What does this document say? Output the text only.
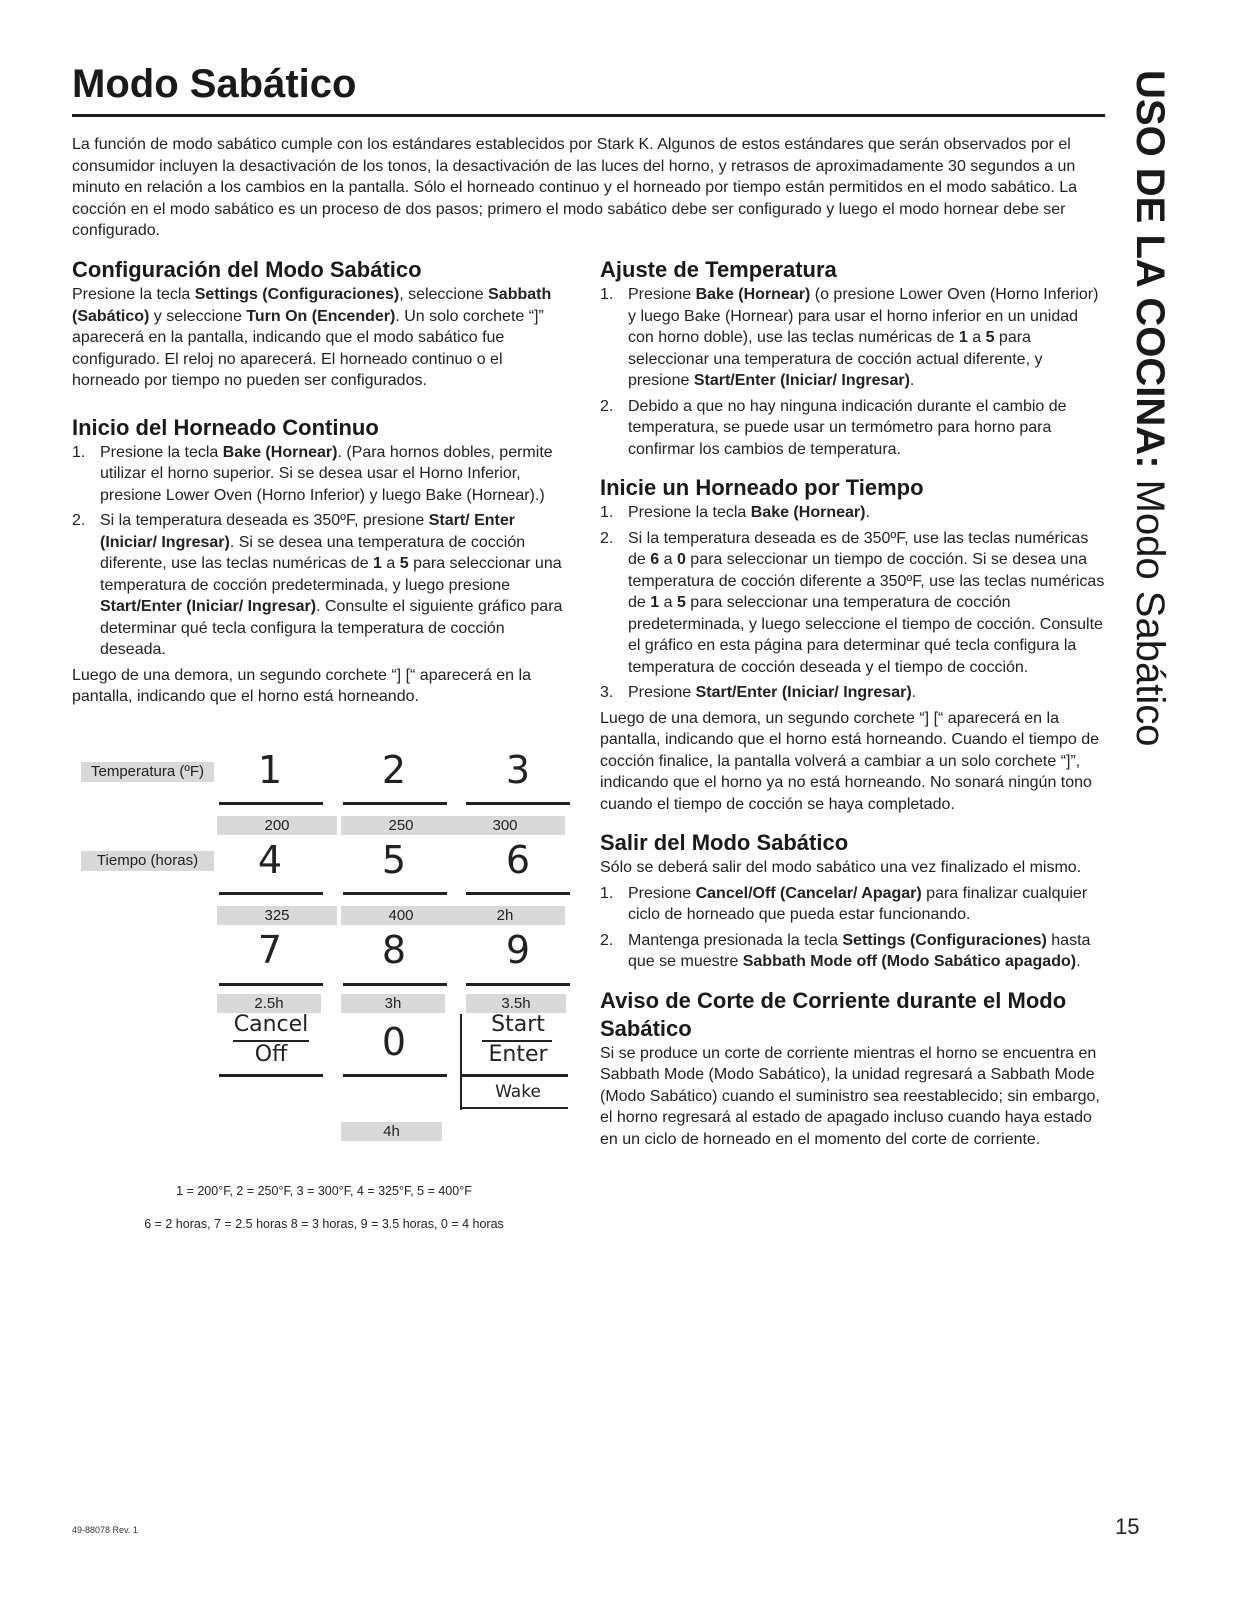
Modo Sabático

La función de modo sabático cumple con los estándares establecidos por Stark K. Algunos de estos estándares que serán observados por el consumidor incluyen la desactivación de los tonos, la desactivación de las luces del horno, y retrasos de aproximadamente 30 segundos a un minuto en relación a los cambios en la pantalla. Sólo el horneado continuo y el horneado por tiempo están permitidos en el modo sabático. La cocción en el modo sabático es un proceso de dos pasos; primero el modo sabático debe ser configurado y luego el modo hornear debe ser configurado.

Configuración del Modo Sabático

Presione la tecla Settings (Configuraciones), seleccione Sabbath (Sabático) y seleccione Turn On (Encender). Un solo corchete “]” aparecerá en la pantalla, indicando que el modo sabático fue configurado. El reloj no aparecerá. El horneado continuo o el horneado por tiempo no pueden ser configurados.

Inicio del Horneado Continuo
1. Presione la tecla Bake (Hornear). (Para hornos dobles, permite utilizar el horno superior. Si se desea usar el Horno Inferior, presione Lower Oven (Horno Inferior) y luego Bake (Hornear).)
2. Si la temperatura deseada es 350ºF, presione Start/ Enter (Iniciar/ Ingresar). Si se desea una temperatura de cocción diferente, use las teclas numéricas de 1 a 5 para seleccionar una temperatura de cocción predeterminada, y luego presione Start/Enter (Iniciar/ Ingresar). Consulte el siguiente gráfico para determinar qué tecla configura la temperatura de cocción deseada.

Luego de una demora, un segundo corchete “] [“ aparecerá en la pantalla, indicando que el horno está horneando.

Temperatura (ºF)
Tiempo (horas)
1	2	3
200	250	300
4	5	6
325	400	2h
7	8	9
2.5h	3h	3.5h
Cancel
Off	0	Start
Enter
Wake
4h
1 = 200°F, 2 = 250°F, 3 = 300°F, 4 = 325°F, 5 = 400°F
6 = 2 horas, 7 = 2.5 horas 8 = 3 horas, 9 = 3.5 horas, 0 = 4 horas
Ajuste de Temperatura
1. Presione Bake (Hornear) (o presione Lower Oven (Horno Inferior) y luego Bake (Hornear) para usar el horno inferior en un unidad con horno doble), use las teclas numéricas de 1 a 5 para seleccionar una temperatura de cocción actual diferente, y presione Start/Enter (Iniciar/ Ingresar).
2. Debido a que no hay ninguna indicación durante el cambio de temperatura, se puede usar un termómetro para horno para confirmar los cambios de temperatura.
Inicie un Horneado por Tiempo
1. Presione la tecla Bake (Hornear).
2. Si la temperatura deseada es de 350ºF, use las teclas numéricas de 6 a 0 para seleccionar un tiempo de cocción. Si se desea una temperatura de cocción diferente a 350ºF, use las teclas numéricas de 1 a 5 para seleccionar una temperatura de cocción predeterminada, y luego seleccione el tiempo de cocción. Consulte el gráfico en esta página para determinar qué tecla configura la temperatura de cocción deseada y el tiempo de cocción.
3. Presione Start/Enter (Iniciar/ Ingresar).

Luego de una demora, un segundo corchete “] [“ aparecerá en la pantalla, indicando que el horno está horneando. Cuando el tiempo de cocción finalice, la pantalla volverá a cambiar a un solo corchete “]”, indicando que el horno ya no está horneando. No sonará ningún tono cuando el tiempo de cocción se haya completado.

Salir del Modo Sabático

Sólo se deberá salir del modo sabático una vez finalizado el mismo.

1. Presione Cancel/Off (Cancelar/ Apagar) para finalizar cualquier ciclo de horneado que pueda estar funcionando.
2. Mantenga presionada la tecla Settings (Configuraciones) hasta que se muestre Sabbath Mode off (Modo Sabático apagado).
Aviso de Corte de Corriente durante el Modo Sabático

Si se produce un corte de corriente mientras el horno se encuentra en Sabbath Mode (Modo Sabático), la unidad regresará a Sabbath Mode (Modo Sabático) cuando el suministro sea reestablecido; sin embargo, el horno regresará al estado de apagado incluso cuando haya estado en un ciclo de horneado en el momento del corte de corriente.

USO DE LA COCINA: Modo Sabático
49-88078 Rev. 1	15
